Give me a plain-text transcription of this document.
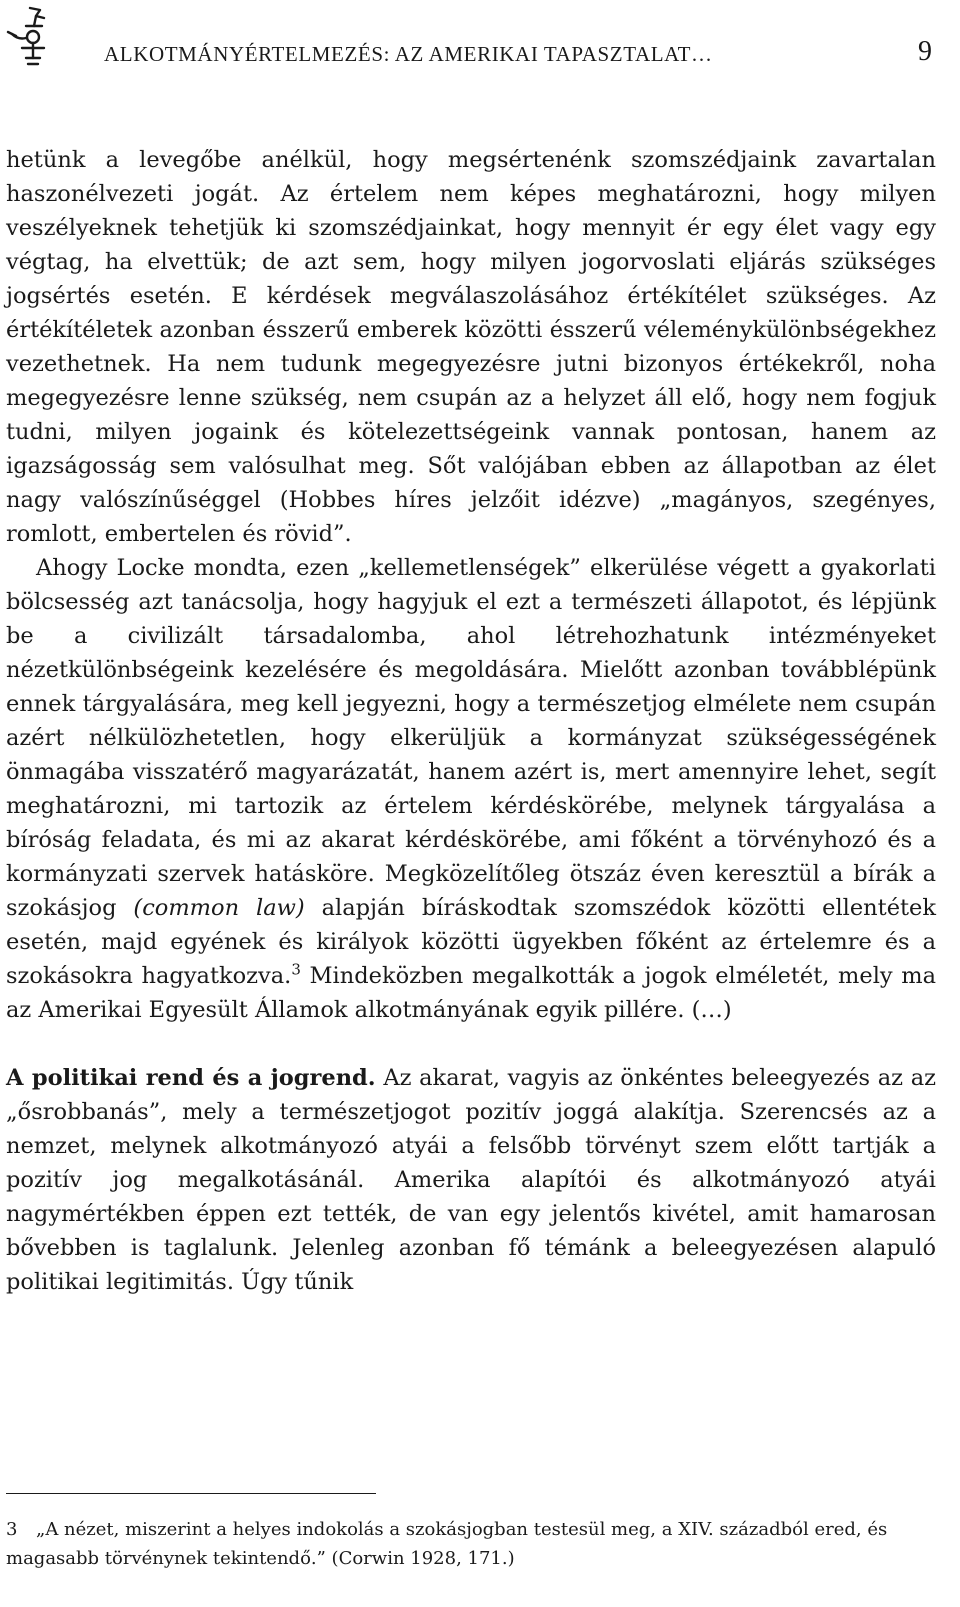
ALKOTMÁNYÉRTELMEZÉS: AZ AMERIKAI TAPASZTALAT…	9

hetünk a levegőbe anélkül, hogy megsértenénk szomszédjaink zavartalan haszonélvezeti jogát. Az értelem nem képes meghatározni, hogy milyen veszélyeknek tehetjük ki szomszédjainkat, hogy mennyit ér egy élet vagy egy végtag, ha elvettük; de azt sem, hogy milyen jogorvoslati eljárás szükséges jogsértés esetén. E kérdések megválaszolásához értékítélet szükséges. Az értékítéletek azonban ésszerű emberek közötti ésszerű véleménykülönbségekhez vezethetnek. Ha nem tudunk megegyezésre jutni bizonyos értékekről, noha megegyezésre lenne szükség, nem csupán az a helyzet áll elő, hogy nem fogjuk tudni, milyen jogaink és kötelezettségeink vannak pontosan, hanem az igazságosság sem valósulhat meg. Sőt valójában ebben az állapotban az élet nagy valószínűséggel (Hobbes híres jelzőit idézve) „magányos, szegényes, romlott, embertelen és rövid”.

Ahogy Locke mondta, ezen „kellemetlenségek” elkerülése végett a gyakorlati bölcsesség azt tanácsolja, hogy hagyjuk el ezt a természeti állapotot, és lépjünk be a civilizált társadalomba, ahol létrehozhatunk intézményeket nézetkülönbségeink kezelésére és megoldására. Mielőtt azonban továbblépünk ennek tárgyalására, meg kell jegyezni, hogy a természetjog elmélete nem csupán azért nélkülözhetetlen, hogy elkerüljük a kormányzat szükségességének önmagába visszatérő magyarázatát, hanem azért is, mert amennyire lehet, segít meghatározni, mi tartozik az értelem kérdéskörébe, melynek tárgyalása a bíróság feladata, és mi az akarat kérdéskörébe, ami főként a törvényhozó és a kormányzati szervek hatásköre. Megközelítőleg ötszáz éven keresztül a bírák a szokásjog (common law) alapján bíráskodtak szomszédok közötti ellentétek esetén, majd egyének és királyok közötti ügyekben főként az értelemre és a szokásokra hagyatkozva.$^3$ Mindeközben megalkották a jogok elméletét, mely ma az Amerikai Egyesült Államok alkotmányának egyik pillére. (…)

A politikai rend és a jogrend. Az akarat, vagyis az önkéntes beleegyezés az az „ősrobbanás”, mely a természetjogot pozitív joggá alakítja. Szerencsés az a nemzet, melynek alkotmányozó atyái a felsőbb törvényt szem előtt tartják a pozitív jog megalkotásánál. Amerika alapítói és alkotmányozó atyái nagymértékben éppen ezt tették, de van egy jelentős kivétel, amit hamarosan bővebben is taglalunk. Jelenleg azonban fő témánk a beleegyezésen alapuló politikai legitimitás. Úgy tűnik

3 „A nézet, miszerint a helyes indokolás a szokásjogban testesül meg, a XIV. századból ered, és magasabb törvénynek tekintendő.” (Corwin 1928, 171.)
